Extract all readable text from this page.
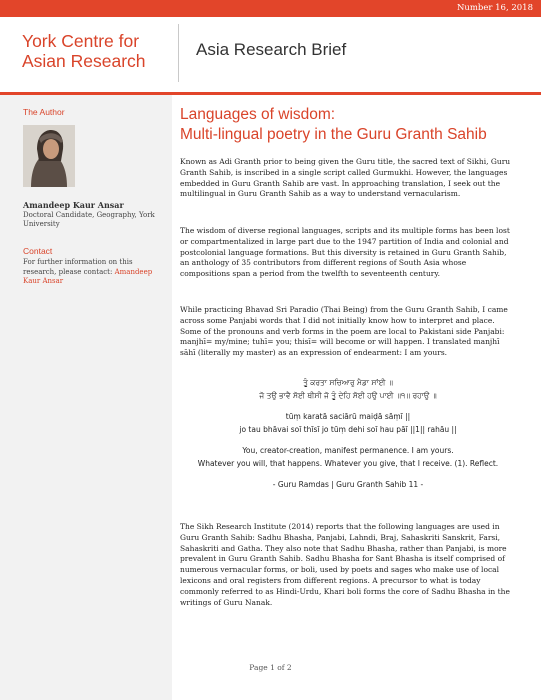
Number 16, 2018
York Centre for
Asian Research
Asia Research Brief
The Author
Amandeep Kaur Ansar
Doctoral Candidate, Geography, York University
Contact
For further information on this research, please contact: Amandeep Kaur Ansar
Languages of wisdom:
Multi-lingual poetry in the Guru Granth Sahib

Known as Adi Granth prior to being given the Guru title, the sacred text of Sikhi, Guru Granth Sahib, is inscribed in a single script called Gurmukhi. However, the languages embedded in Guru Granth Sahib are vast. In approaching translation, I seek out the multilingual in Guru Granth Sahib as a way to understand vernacularism.

The wisdom of diverse regional languages, scripts and its multiple forms has been lost or compartmentalized in large part due to the 1947 partition of India and colonial and postcolonial language formations. But this diversity is retained in Guru Granth Sahib, an anthology of 35 contributors from different regions of South Asia whose compositions span a period from the twelfth to seventeenth century.

While practicing Bhavad Sri Paradio (Thai Being) from the Guru Granth Sahib, I came across some Panjabi words that I did not initially know how to interpret and place. Some of the pronouns and verb forms in the poem are local to Pakistani side Panjabi: manjhī= my/mine; tuhī= you; thisī= will become or will happen. I translated manjhī sāhī (literally my master) as an expression of endearment: I am yours.

ਤੂੰ ਕਰਤਾ ਸਚਿਆਰੁ ਮੈਡਾ ਸਾਂਈ ॥
ਜੋ ਤਉ ਭਾਵੈ ਸੋਈ ਥੀਸੀ ਜੋ ਤੂੰ ਦੇਹਿ ਸੋਈ ਹਉ ਪਾਈ ॥੧॥ ਰਹਾਉ ॥
tūṃ karatā saciārū maiḍā sāṃī ||
jo tau bhāvai soī thīsī jo tūṃ dehi soī hau pāī ||1|| rahāu ||
You, creator-creation, manifest permanence. I am yours.
Whatever you will, that happens. Whatever you give, that I receive. (1). Reflect.
- Guru Ramdas | Guru Granth Sahib 11 -

The Sikh Research Institute (2014) reports that the following languages are used in Guru Granth Sahib: Sadhu Bhasha, Panjabi, Lahndi, Braj, Sahaskriti Sanskrit, Farsi, Sahaskriti and Gatha. They also note that Sadhu Bhasha, rather than Panjabi, is more prevalent in Guru Granth Sahib. Sadhu Bhasha for Sant Bhasha is itself comprised of numerous vernacular forms, or boli, used by poets and sages who make use of local lexicons and oral registers from different regions. A precursor to what is today commonly referred to as Hindi-Urdu, Khari boli forms the core of Sadhu Bhasha in the writings of Guru Nanak.

Page 1 of 2
